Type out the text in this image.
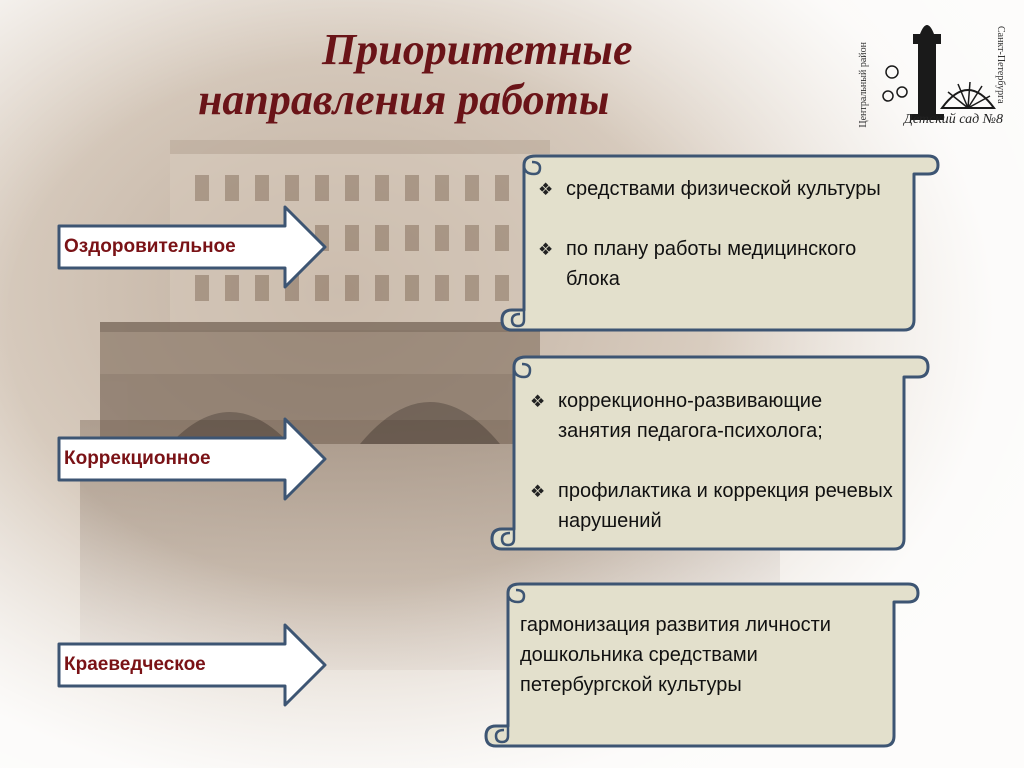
Приоритетные
направления работы	Центральный район	Санкт-Петербурга
Детский сад №8
Оздоровительное
Коррекционное
Краеведческое
❖ средствами физической культуры
❖ по плану работы медицинского блока
❖ коррекционно-развивающие занятия педагога-психолога;
❖ профилактика и коррекция речевых нарушений
гармонизация развития личности дошкольника средствами петербургской культуры
